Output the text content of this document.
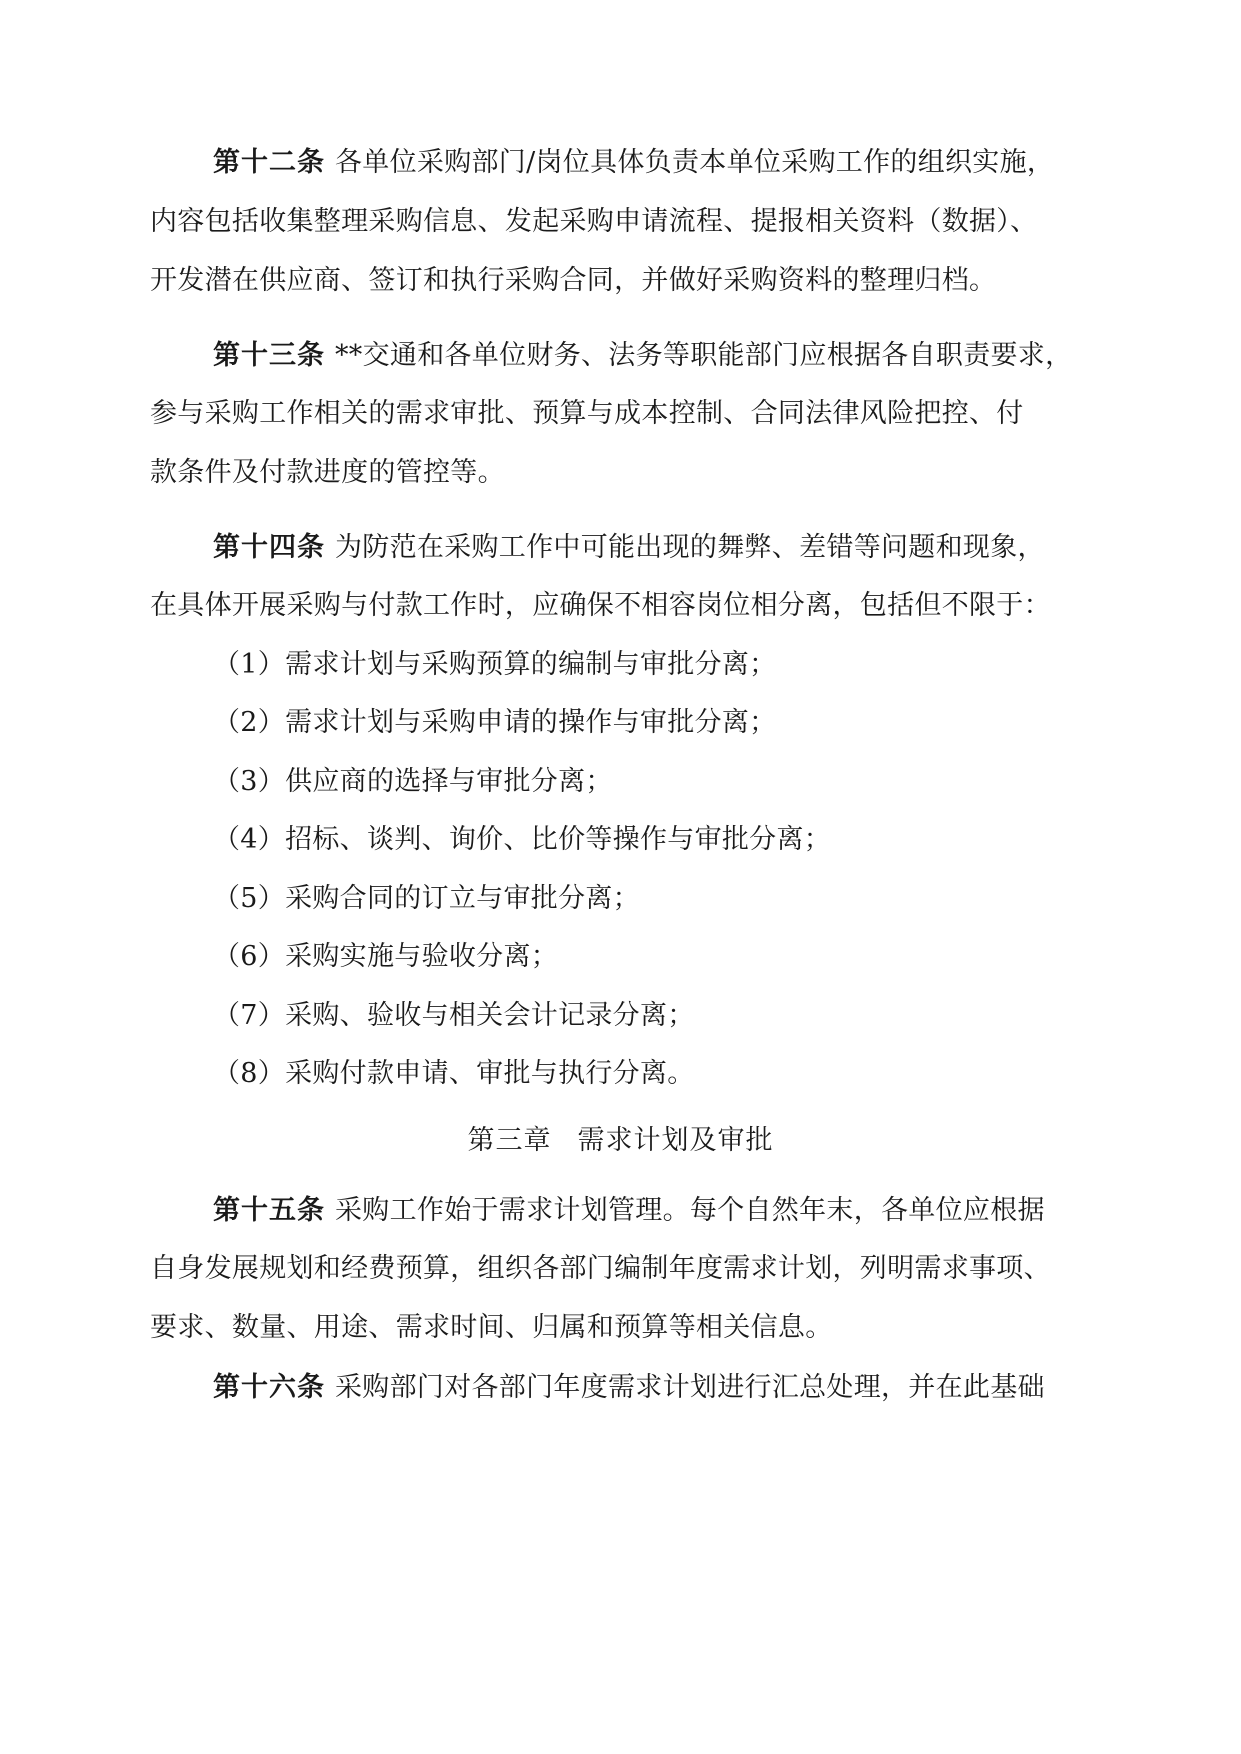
第十二条 各单位采购部门/岗位具体负责本单位采购工作的组织实施，
内容包括收集整理采购信息、发起采购申请流程、提报相关资料（数据）、
开发潜在供应商、签订和执行采购合同，并做好采购资料的整理归档。
第十三条 **交通和各单位财务、法务等职能部门应根据各自职责要求，
参与采购工作相关的需求审批、预算与成本控制、合同法律风险把控、付
款条件及付款进度的管控等。
第十四条 为防范在采购工作中可能出现的舞弊、差错等问题和现象，
在具体开展采购与付款工作时，应确保不相容岗位相分离，包括但不限于：
（1）需求计划与采购预算的编制与审批分离；
（2）需求计划与采购申请的操作与审批分离；
（3）供应商的选择与审批分离；
（4）招标、谈判、询价、比价等操作与审批分离；
（5）采购合同的订立与审批分离；
（6）采购实施与验收分离；
（7）采购、验收与相关会计记录分离；
（8）采购付款申请、审批与执行分离。
第三章 需求计划及审批
第十五条 采购工作始于需求计划管理。每个自然年末，各单位应根据
自身发展规划和经费预算，组织各部门编制年度需求计划，列明需求事项、
要求、数量、用途、需求时间、归属和预算等相关信息。
第十六条 采购部门对各部门年度需求计划进行汇总处理，并在此基础
